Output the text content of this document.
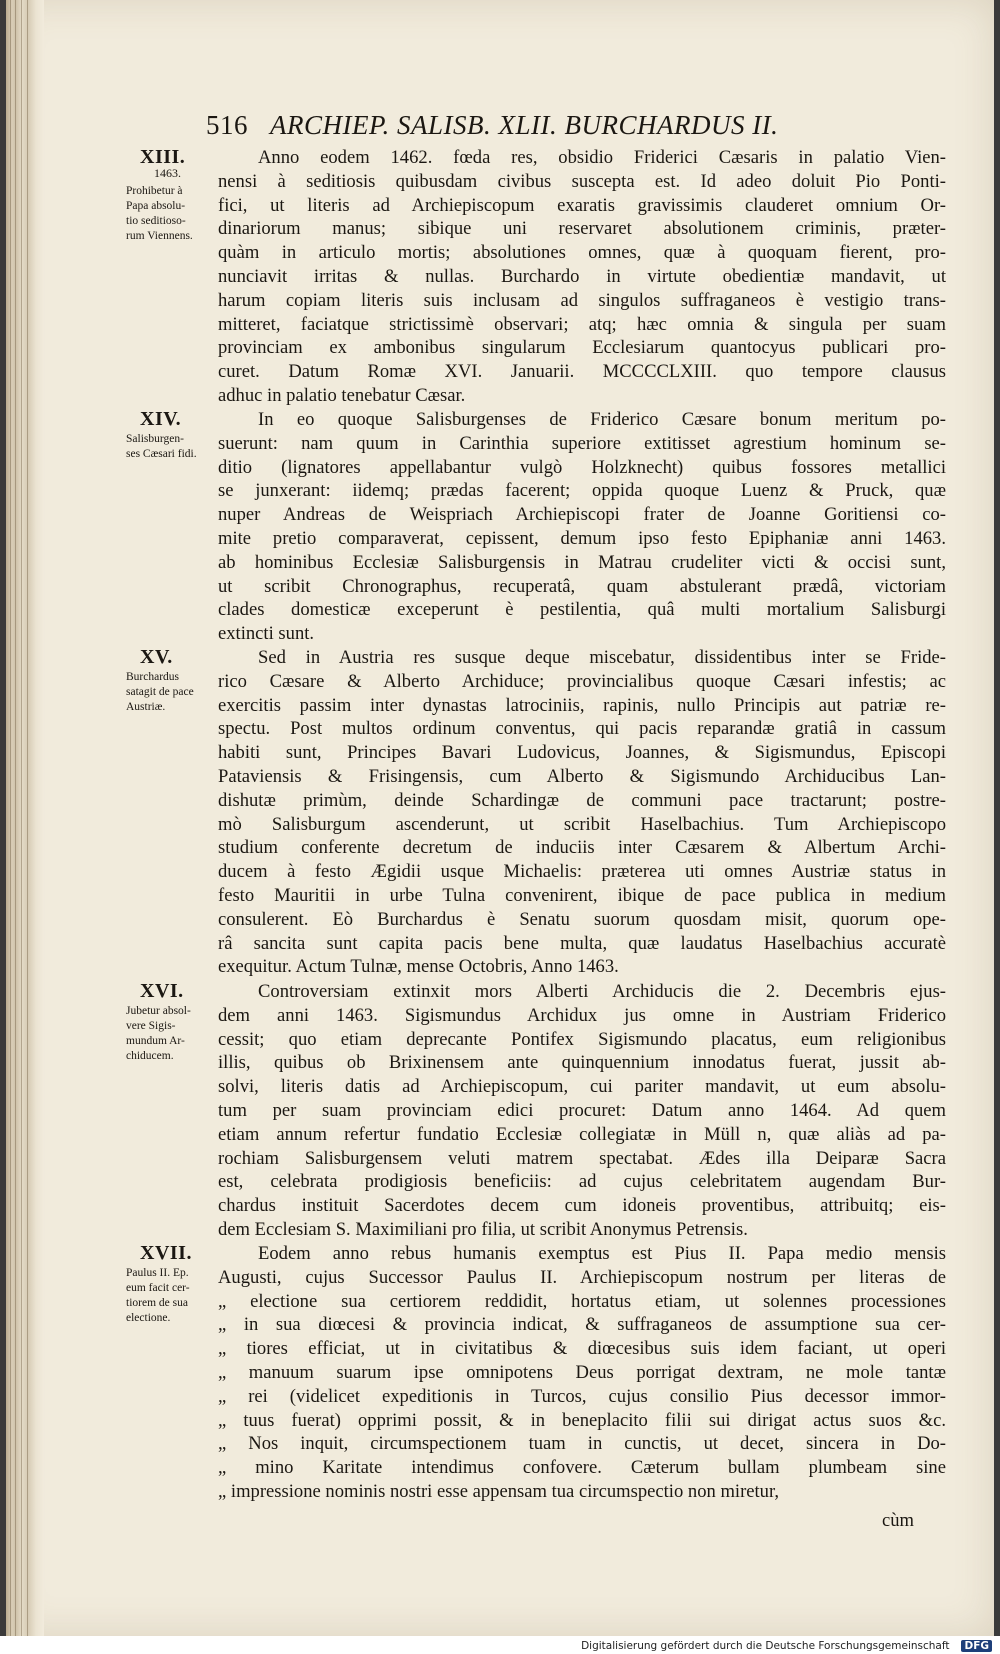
516 ARCHIEP. SALISB. XLII. BURCHARDUS II.
XIII.
1463.
Prohibetur à
Papa absolu-
tio seditioso-
rum Viennens.
Anno eodem 1462. fœda res, obsidio Friderici Cæsaris in palatio Vien-
nensi à seditiosis quibusdam civibus suscepta est. Id adeo doluit Pio Ponti-
fici, ut literis ad Archiepiscopum exaratis gravissimis clauderet omnium Or-
dinariorum manus; sibique uni reservaret absolutionem criminis, præter-
quàm in articulo mortis; absolutiones omnes, quæ à quoquam fierent, pro-
nunciavit irritas & nullas. Burchardo in virtute obedientiæ mandavit, ut
harum copiam literis suis inclusam ad singulos suffraganeos è vestigio trans-
mitteret, faciatque strictissimè observari; atq; hæc omnia & singula per suam
provinciam ex ambonibus singularum Ecclesiarum quantocyus publicari pro-
curet. Datum Romæ XVI. Januarii. MCCCCLXIII. quo tempore clausus
adhuc in palatio tenebatur Cæsar.
XIV.
Salisburgen-
ses Cæsari fidi.
In eo quoque Salisburgenses de Friderico Cæsare bonum meritum po-
suerunt: nam quum in Carinthia superiore extitisset agrestium hominum se-
ditio (lignatores appellabantur vulgò Holzknecht) quibus fossores metallici
se junxerant: iidemq; prædas facerent; oppida quoque Luenz & Pruck, quæ
nuper Andreas de Weispriach Archiepiscopi frater de Joanne Goritiensi co-
mite pretio comparaverat, cepissent, demum ipso festo Epiphaniæ anni 1463.
ab hominibus Ecclesiæ Salisburgensis in Matrau crudeliter victi & occisi sunt,
ut scribit Chronographus, recuperatâ, quam abstulerant prædâ, victoriam
clades domesticæ exceperunt è pestilentia, quâ multi mortalium Salisburgi
extincti sunt.
XV.
Burchardus
satagit de pace
Austriæ.
Sed in Austria res susque deque miscebatur, dissidentibus inter se Fride-
rico Cæsare & Alberto Archiduce; provincialibus quoque Cæsari infestis; ac
exercitis passim inter dynastas latrociniis, rapinis, nullo Principis aut patriæ re-
spectu. Post multos ordinum conventus, qui pacis reparandæ gratiâ in cassum
habiti sunt, Principes Bavari Ludovicus, Joannes, & Sigismundus, Episcopi
Pataviensis & Frisingensis, cum Alberto & Sigismundo Archiducibus Lan-
dishutæ primùm, deinde Schardingæ de communi pace tractarunt; postre-
mò Salisburgum ascenderunt, ut scribit Haselbachius. Tum Archiepiscopo
studium conferente decretum de induciis inter Cæsarem & Albertum Archi-
ducem à festo Ægidii usque Michaelis: præterea uti omnes Austriæ status in
festo Mauritii in urbe Tulna convenirent, ibique de pace publica in medium
consulerent. Eò Burchardus è Senatu suorum quosdam misit, quorum ope-
râ sancita sunt capita pacis bene multa, quæ laudatus Haselbachius accuratè
exequitur. Actum Tulnæ, mense Octobris, Anno 1463.
XVI.
Jubetur absol-
vere Sigis-
mundum Ar-
chiducem.
Controversiam extinxit mors Alberti Archiducis die 2. Decembris ejus-
dem anni 1463. Sigismundus Archidux jus omne in Austriam Friderico
cessit; quo etiam deprecante Pontifex Sigismundo placatus, eum religionibus
illis, quibus ob Brixinensem ante quinquennium innodatus fuerat, jussit ab-
solvi, literis datis ad Archiepiscopum, cui pariter mandavit, ut eum absolu-
tum per suam provinciam edici procuret: Datum anno 1464. Ad quem
etiam annum refertur fundatio Ecclesiæ collegiatæ in Müll n, quæ aliàs ad pa-
rochiam Salisburgensem veluti matrem spectabat. Ædes illa Deiparæ Sacra
est, celebrata prodigiosis beneficiis: ad cujus celebritatem augendam Bur-
chardus instituit Sacerdotes decem cum idoneis proventibus, attribuitq; eis-
dem Ecclesiam S. Maximiliani pro filia, ut scribit Anonymus Petrensis.
XVII.
Paulus II. Ep.
eum facit cer-
tiorem de sua
electione.
Eodem anno rebus humanis exemptus est Pius II. Papa medio mensis
Augusti, cujus Successor Paulus II. Archiepiscopum nostrum per literas de
„ electione sua certiorem reddidit, hortatus etiam, ut solennes processiones
„ in sua diœcesi & provincia indicat, & suffraganeos de assumptione sua cer-
„ tiores efficiat, ut in civitatibus & diœcesibus suis idem faciant, ut operi
„ manuum suarum ipse omnipotens Deus porrigat dextram, ne mole tantæ
„ rei (videlicet expeditionis in Turcos, cujus consilio Pius decessor immor-
„ tuus fuerat) opprimi possit, & in beneplacito filii sui dirigat actus suos &c.
„ Nos inquit, circumspectionem tuam in cunctis, ut decet, sincera in Do-
„ mino Karitate intendimus confovere. Cæterum bullam plumbeam sine
„ impressione nominis nostri esse appensam tua circumspectio non miretur,
cùm
Digitalisierung gefördert durch die Deutsche Forschungsgemeinschaft DFG
